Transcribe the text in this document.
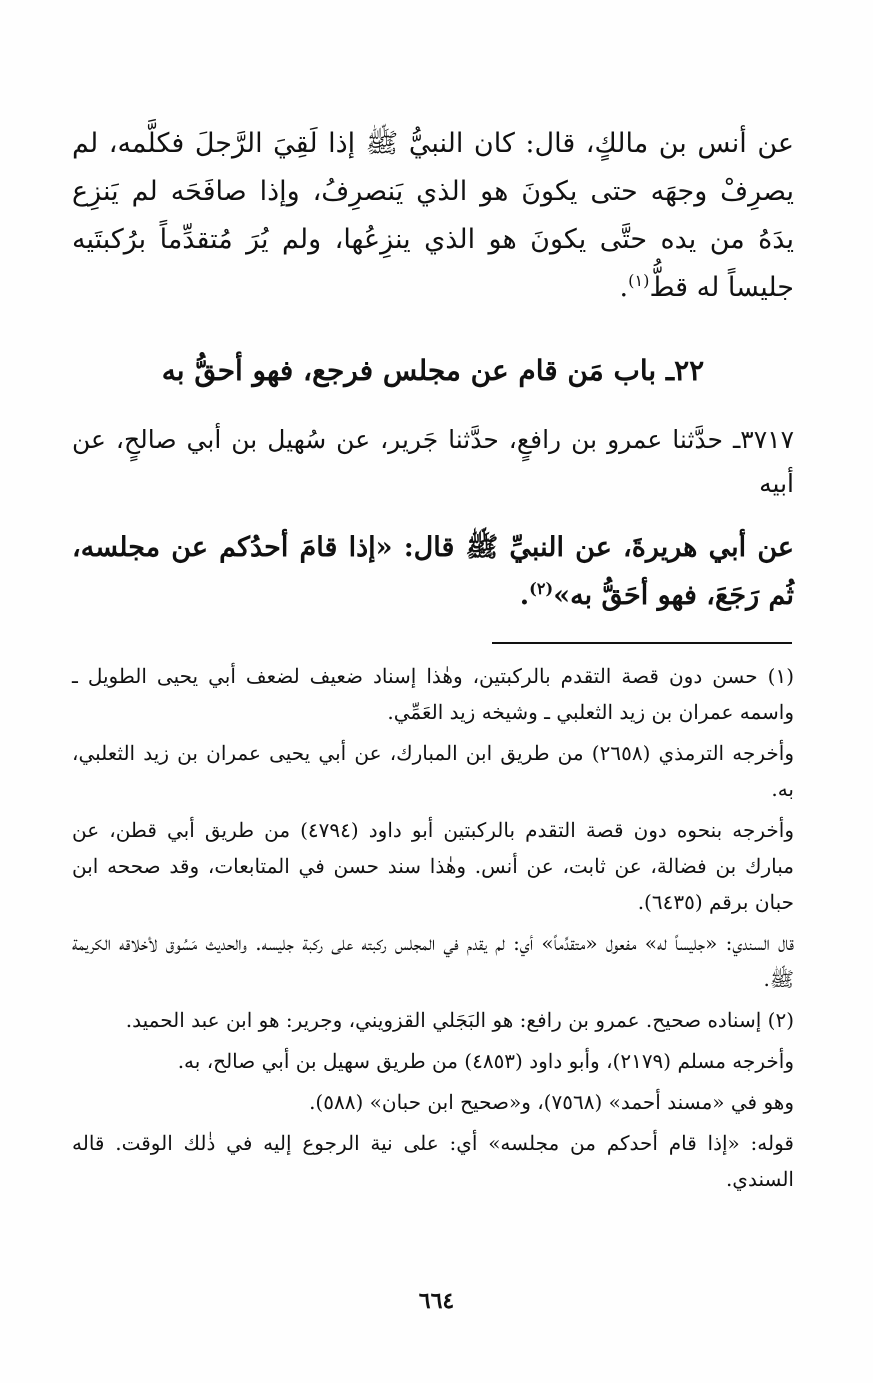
عن أنس بن مالكٍ، قال: كان النبيُّ ﷺ إذا لَقِيَ الرَّجلَ فكلَّمه، لم يصرِفْ وجهَه حتى يكونَ هو الذي يَنصرِفُ، وإذا صافَحَه لم يَنزِع يدَهُ من يده حتَّى يكونَ هو الذي ينزِعُها، ولم يُرَ مُتقدِّماً برُكبتَيه جليساً له قطُّ$^{(١)}$.
٢٢ـ باب مَن قام عن مجلس فرجع، فهو أحقُّ به
٣٧١٧ـ حدَّثنا عمرو بن رافعٍ، حدَّثنا جَرير، عن سُهيل بن أبي صالحٍ، عن أبيه
عن أبي هريرةَ، عن النبيِّ ﷺ قال: «إذا قامَ أحدُكم عن مجلسه، ثُم رَجَعَ، فهو أحَقُّ به»$^{(٢)}$.

(١) حسن دون قصة التقدم بالركبتين، وهٰذا إسناد ضعيف لضعف أبي يحيى الطويل ـ واسمه عمران بن زيد الثعلبي ـ وشيخه زيد العَمِّي.

وأخرجه الترمذي (٢٦٥٨) من طريق ابن المبارك، عن أبي يحيى عمران بن زيد الثعلبي، به.

وأخرجه بنحوه دون قصة التقدم بالركبتين أبو داود (٤٧٩٤) من طريق أبي قطن، عن مبارك بن فضالة، عن ثابت، عن أنس. وهٰذا سند حسن في المتابعات، وقد صححه ابن حبان برقم (٦٤٣٥).

قال السندي: «جليساً له» مفعول «متقدِّماً» أي: لم يقدم في المجلس ركبته على ركبة جليسه. والحديث مَسُوق لأخلاقه الكريمة ﷺ.

(٢) إسناده صحيح. عمرو بن رافع: هو البَجَلي القزويني، وجرير: هو ابن عبد الحميد.

وأخرجه مسلم (٢١٧٩)، وأبو داود (٤٨٥٣) من طريق سهيل بن أبي صالح، به.

وهو في «مسند أحمد» (٧٥٦٨)، و«صحيح ابن حبان» (٥٨٨).

قوله: «إذا قام أحدكم من مجلسه» أي: على نية الرجوع إليه في ذٰلك الوقت. قاله السندي.

٦٦٤
